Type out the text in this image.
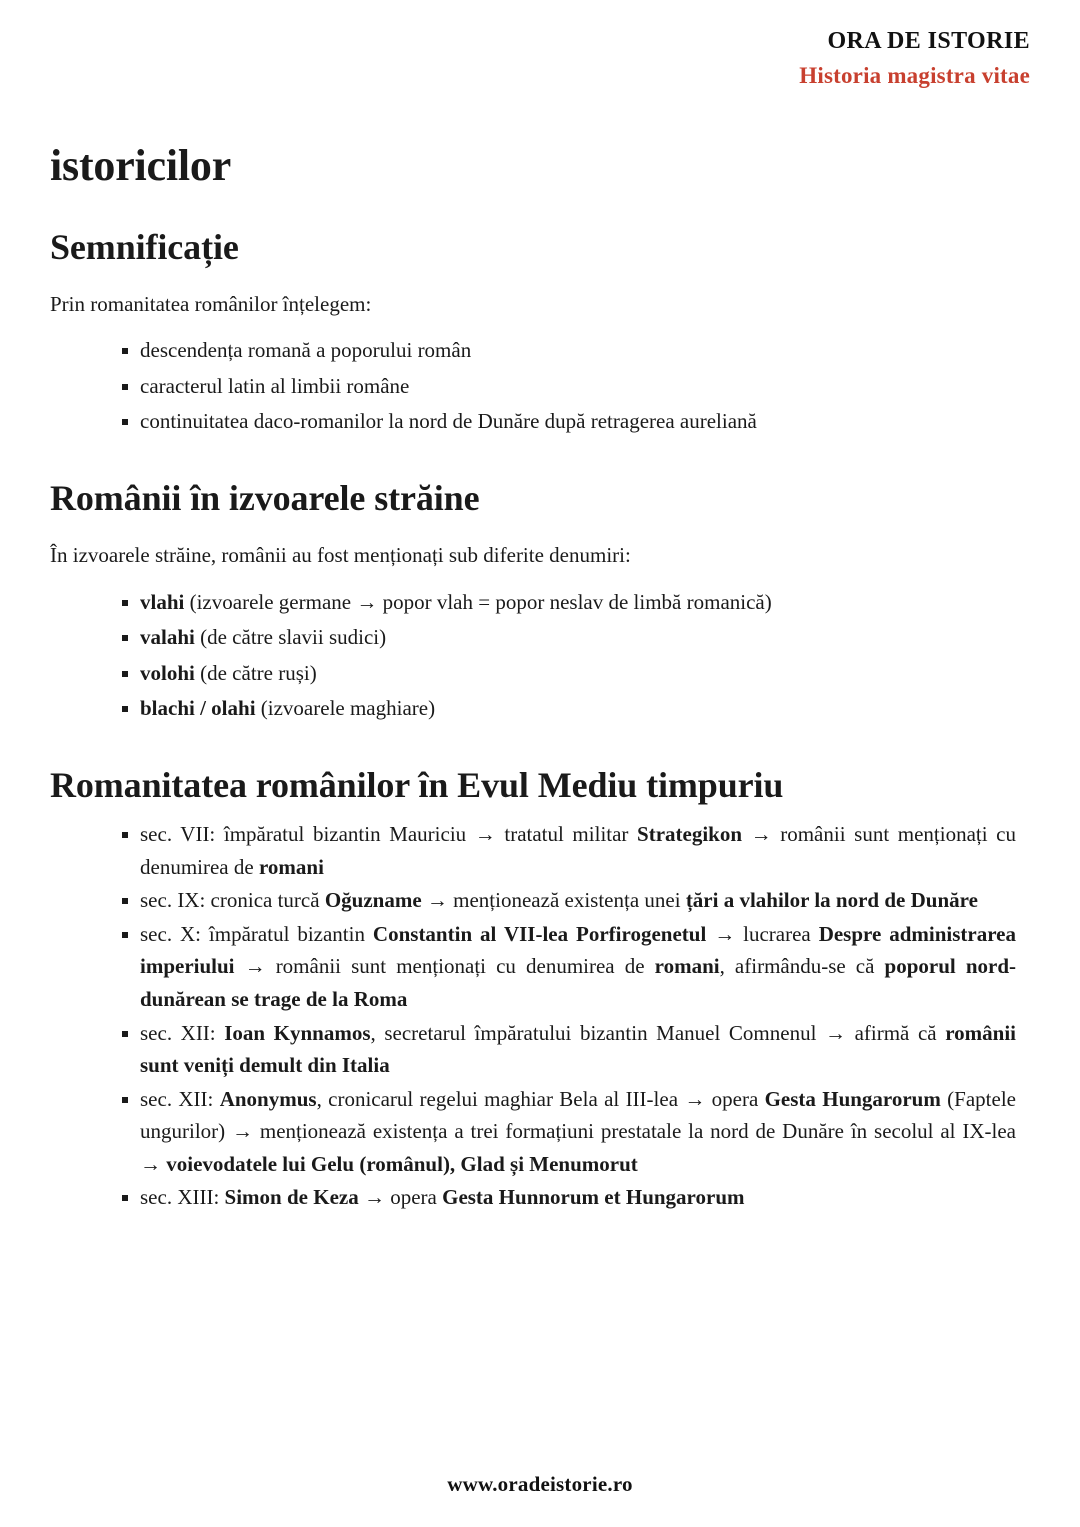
ORA DE ISTORIE
Historia magistra vitae
istoricilor
Semnificație

Prin romanitatea românilor înțelegem:

descendența romană a poporului român
caracterul latin al limbii române
continuitatea daco-romanilor la nord de Dunăre după retragerea aureliană
Românii în izvoarele străine

În izvoarele străine, românii au fost menționați sub diferite denumiri:

vlahi (izvoarele germane → popor vlah = popor neslav de limbă romanică)
valahi (de către slavii sudici)
volohi (de către ruși)
blachi / olahi (izvoarele maghiare)
Romanitatea românilor în Evul Mediu timpuriu
sec. VII: împăratul bizantin Mauriciu → tratatul militar Strategikon → românii sunt menționați cu denumirea de romani
sec. IX: cronica turcă Oğuzname → menționează existența unei țări a vlahilor la nord de Dunăre
sec. X: împăratul bizantin Constantin al VII-lea Porfirogenetul → lucrarea Despre administrarea imperiului → românii sunt menționați cu denumirea de romani, afirmându-se că poporul nord-dunărean se trage de la Roma
sec. XII: Ioan Kynnamos, secretarul împăratului bizantin Manuel Comnenul → afirmă că românii sunt veniți demult din Italia
sec. XII: Anonymus, cronicarul regelui maghiar Bela al III-lea → opera Gesta Hungarorum (Faptele ungurilor) → menționează existența a trei formațiuni prestatale la nord de Dunăre în secolul al IX-lea → voievodatele lui Gelu (românul), Glad și Menumorut
sec. XIII: Simon de Keza → opera Gesta Hunnorum et Hungarorum
www.oradeistorie.ro
